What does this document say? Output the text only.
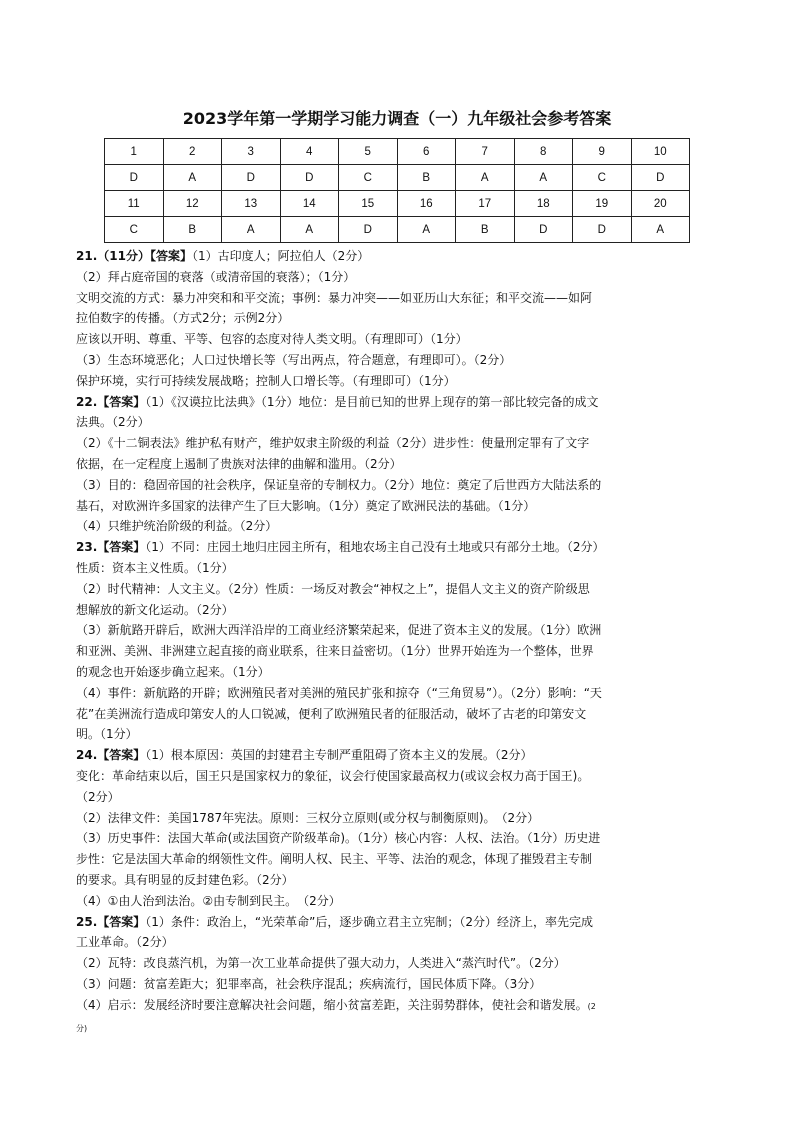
2023学年第一学期学习能力调查（一）九年级社会参考答案
1	2	3	4	5	6	7	8	9	10
D	A	D	D	C	B	A	A	C	D
11	12	13	14	15	16	17	18	19	20
C	B	A	A	D	A	B	D	D	A
21.（11分）【答案】（1）古印度人；阿拉伯人（2分）
（2）拜占庭帝国的衰落（或清帝国的衰落）；（1分）
文明交流的方式：暴力冲突和和平交流；事例：暴力冲突——如亚历山大东征；和平交流——如阿
拉伯数字的传播。（方式2分；示例2分）
应该以开明、尊重、平等、包容的态度对待人类文明。（有理即可）（1分）
（3）生态环境恶化；人口过快增长等（写出两点，符合题意，有理即可）。（2分）
保护环境，实行可持续发展战略；控制人口增长等。（有理即可）（1分）
22.【答案】（1）《汉谟拉比法典》（1分）地位：是目前已知的世界上现存的第一部比较完备的成文
法典。（2分）
（2）《十二铜表法》维护私有财产，维护奴隶主阶级的利益（2分）进步性：使量刑定罪有了文字
依据，在一定程度上遏制了贵族对法律的曲解和滥用。（2分）
（3）目的：稳固帝国的社会秩序，保证皇帝的专制权力。（2分）地位：奠定了后世西方大陆法系的
基石，对欧洲许多国家的法律产生了巨大影响。（1分）奠定了欧洲民法的基础。（1分）
（4）只维护统治阶级的利益。（2分）
23.【答案】（1）不同：庄园土地归庄园主所有，租地农场主自己没有土地或只有部分土地。（2分）
性质：资本主义性质。（1分）
（2）时代精神：人文主义。（2分）性质：一场反对教会“神权之上”，提倡人文主义的资产阶级思
想解放的新文化运动。（2分）
（3）新航路开辟后，欧洲大西洋沿岸的工商业经济繁荣起来，促进了资本主义的发展。（1分）欧洲
和亚洲、美洲、非洲建立起直接的商业联系，往来日益密切。（1分）世界开始连为一个整体，世界
的观念也开始逐步确立起来。（1分）
（4）事件：新航路的开辟；欧洲殖民者对美洲的殖民扩张和掠夺（“三角贸易”）。（2分）影响：“天
花”在美洲流行造成印第安人的人口锐减，便利了欧洲殖民者的征服活动，破坏了古老的印第安文
明。（1分）
24.【答案】（1）根本原因：英国的封建君主专制严重阻碍了资本主义的发展。（2分）
变化：革命结束以后，国王只是国家权力的象征，议会行使国家最高权力(或议会权力高于国王)。
（2分）
（2）法律文件：美国1787年宪法。原则：三权分立原则(或分权与制衡原则)。　（2分）
（3）历史事件：法国大革命(或法国资产阶级革命)。（1分）核心内容：人权、法治。（1分）历史进
步性：它是法国大革命的纲领性文件。阐明人权、民主、平等、法治的观念，体现了摧毁君主专制
的要求。具有明显的反封建色彩。（2分）
（4）①由人治到法治。②由专制到民主。　（2分）
25.【答案】（1）条件：政治上，“光荣革命”后，逐步确立君主立宪制；（2分）经济上，率先完成
工业革命。（2分）
（2）瓦特：改良蒸汽机，为第一次工业革命提供了强大动力，人类进入“蒸汽时代”。（2分）
（3）问题：贫富差距大；犯罪率高，社会秩序混乱；疾病流行，国民体质下降。（3分）
（4）启示：发展经济时要注意解决社会问题，缩小贫富差距，关注弱势群体，使社会和谐发展。(2
分)
